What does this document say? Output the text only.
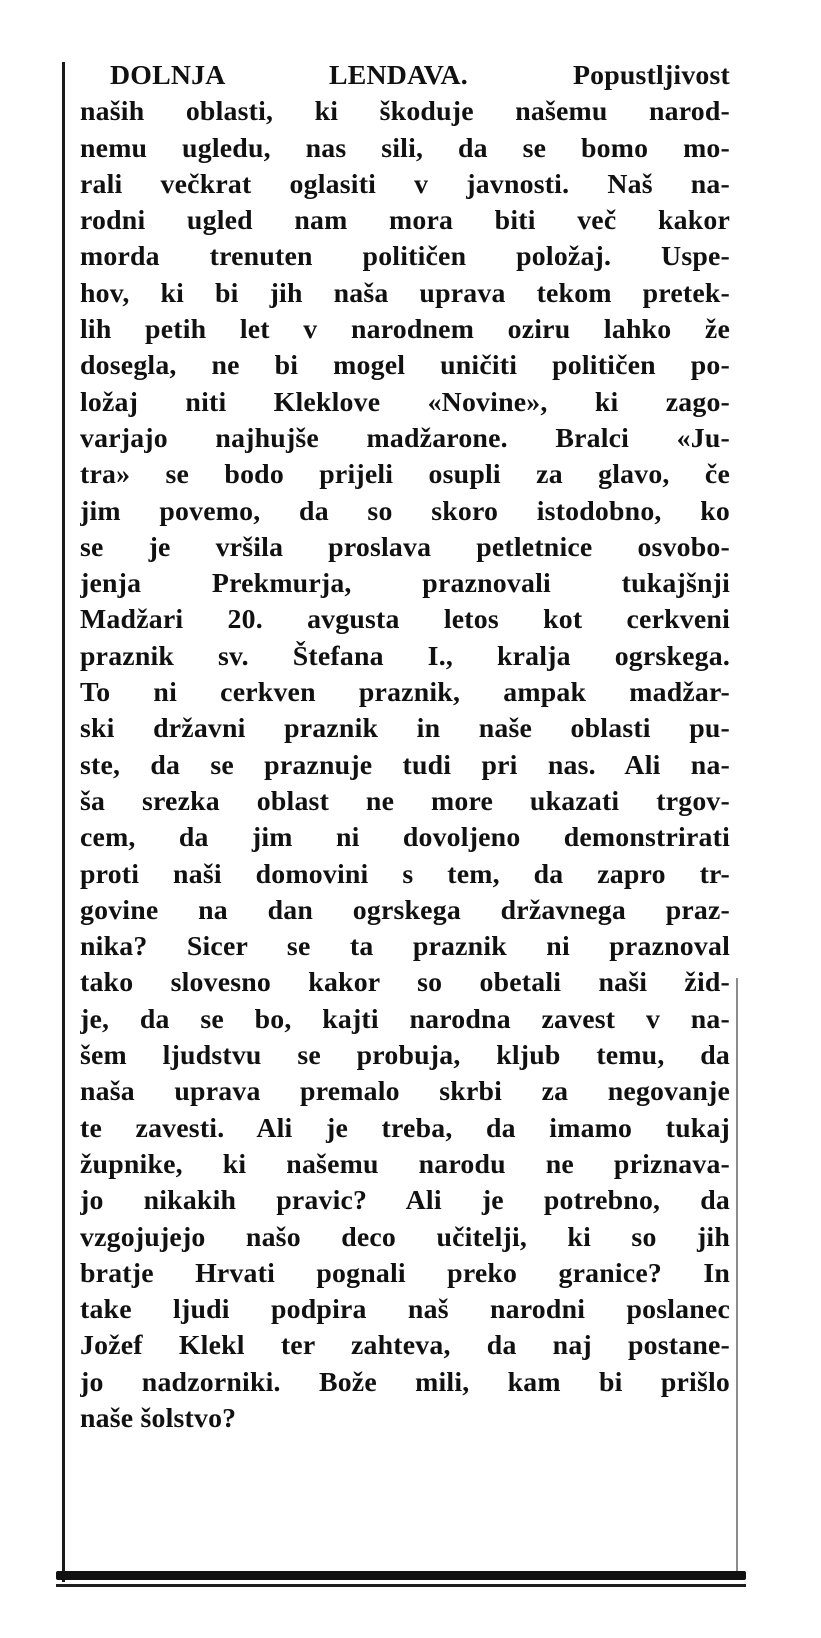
DOLNJA LENDAVA. Popustljivost
naših oblasti, ki škoduje našemu narod-
nemu ugledu, nas sili, da se bomo mo-
rali večkrat oglasiti v javnosti. Naš na-
rodni ugled nam mora biti več kakor
morda trenuten političen položaj. Uspe-
hov, ki bi jih naša uprava tekom pretek-
lih petih let v narodnem oziru lahko že
dosegla, ne bi mogel uničiti političen po-
ložaj niti Kleklove «Novine», ki zago-
varjajo najhujše madžarone. Bralci «Ju-
tra» se bodo prijeli osupli za glavo, če
jim povemo, da so skoro istodobno, ko
se je vršila proslava petletnice osvobo-
jenja Prekmurja, praznovali tukajšnji
Madžari 20. avgusta letos kot cerkveni
praznik sv. Štefana I., kralja ogrskega.
To ni cerkven praznik, ampak madžar-
ski državni praznik in naše oblasti pu-
ste, da se praznuje tudi pri nas. Ali na-
ša srezka oblast ne more ukazati trgov-
cem, da jim ni dovoljeno demonstrirati
proti naši domovini s tem, da zapro tr-
govine na dan ogrskega državnega praz-
nika? Sicer se ta praznik ni praznoval
tako slovesno kakor so obetali naši žid-
je, da se bo, kajti narodna zavest v na-
šem ljudstvu se probuja, kljub temu, da
naša uprava premalo skrbi za negovanje
te zavesti. Ali je treba, da imamo tukaj
župnike, ki našemu narodu ne priznava-
jo nikakih pravic? Ali je potrebno, da
vzgojujejo našo deco učitelji, ki so jih
bratje Hrvati pognali preko granice? In
take ljudi podpira naš narodni poslanec
Jožef Klekl ter zahteva, da naj postane-
jo nadzorniki. Bože mili, kam bi prišlo
naše šolstvo?
